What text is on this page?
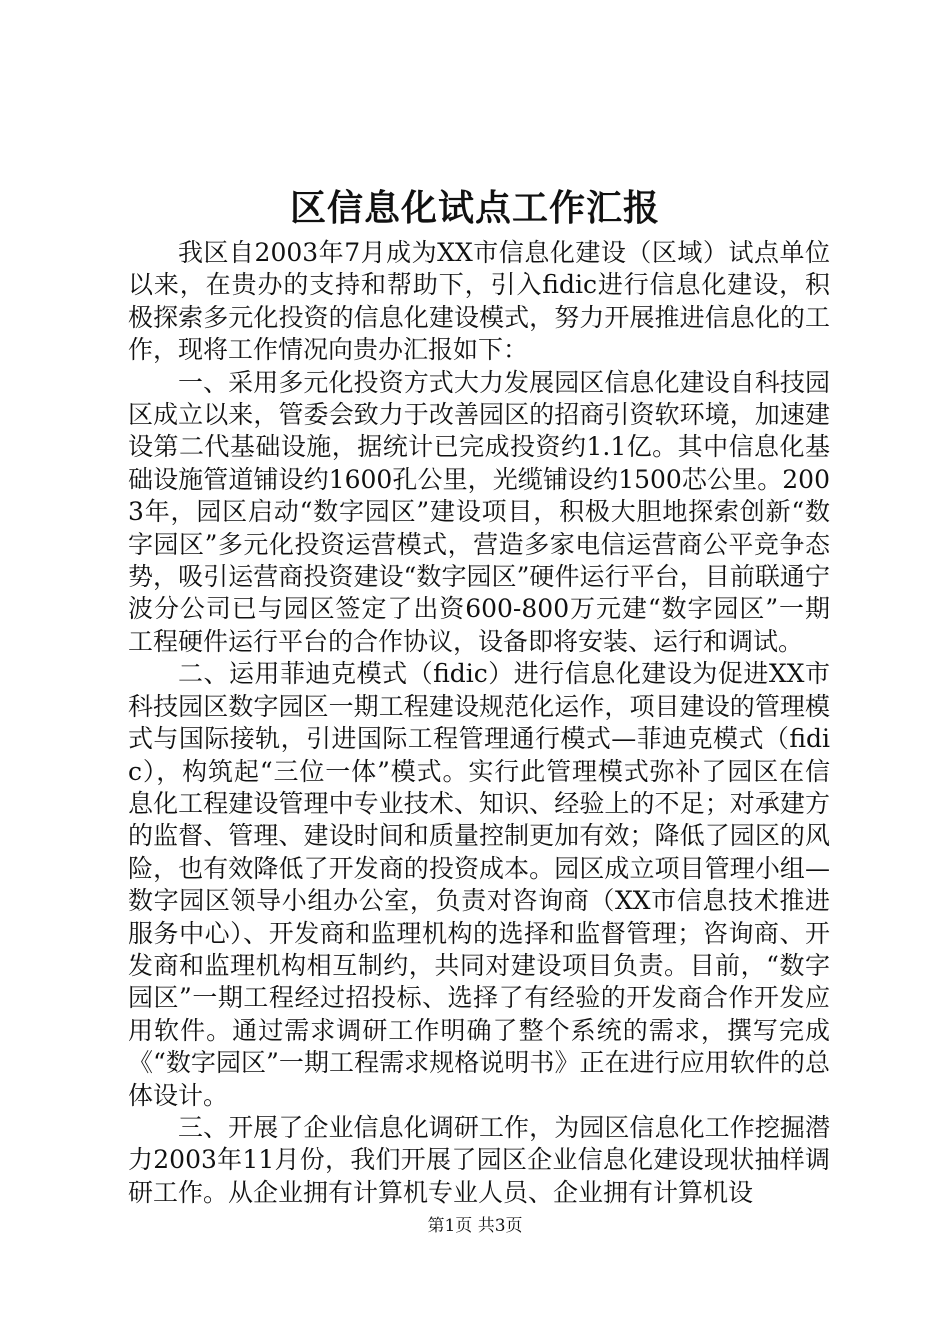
区信息化试点工作汇报

我区自2003年7月成为XX市信息化建设（区域）试点单位以来，在贵办的支持和帮助下，引入fidic进行信息化建设，积极探索多元化投资的信息化建设模式，努力开展推进信息化的工作，现将工作情况向贵办汇报如下：

一、采用多元化投资方式大力发展园区信息化建设自科技园区成立以来，管委会致力于改善园区的招商引资软环境，加速建设第二代基础设施，据统计已完成投资约1.1亿。其中信息化基础设施管道铺设约1600孔公里，光缆铺设约1500芯公里。2003年，园区启动“数字园区”建设项目，积极大胆地探索创新“数字园区”多元化投资运营模式，营造多家电信运营商公平竞争态势，吸引运营商投资建设“数字园区”硬件运行平台，目前联通宁波分公司已与园区签定了出资600-800万元建“数字园区”一期工程硬件运行平台的合作协议，设备即将安装、运行和调试。

二、运用菲迪克模式（fidic）进行信息化建设为促进XX市科技园区数字园区一期工程建设规范化运作，项目建设的管理模式与国际接轨，引进国际工程管理通行模式—菲迪克模式（fidic），构筑起“三位一体”模式。实行此管理模式弥补了园区在信息化工程建设管理中专业技术、知识、经验上的不足；对承建方的监督、管理、建设时间和质量控制更加有效；降低了园区的风险，也有效降低了开发商的投资成本。园区成立项目管理小组—数字园区领导小组办公室，负责对咨询商（XX市信息技术推进服务中心）、开发商和监理机构的选择和监督管理；咨询商、开发商和监理机构相互制约，共同对建设项目负责。目前，“数字园区”一期工程经过招投标、选择了有经验的开发商合作开发应用软件。通过需求调研工作明确了整个系统的需求，撰写完成《“数字园区”一期工程需求规格说明书》正在进行应用软件的总体设计。

三、开展了企业信息化调研工作，为园区信息化工作挖掘潜力2003年11月份，我们开展了园区企业信息化建设现状抽样调研工作。从企业拥有计算机专业人员、企业拥有计算机设

第1页 共3页
